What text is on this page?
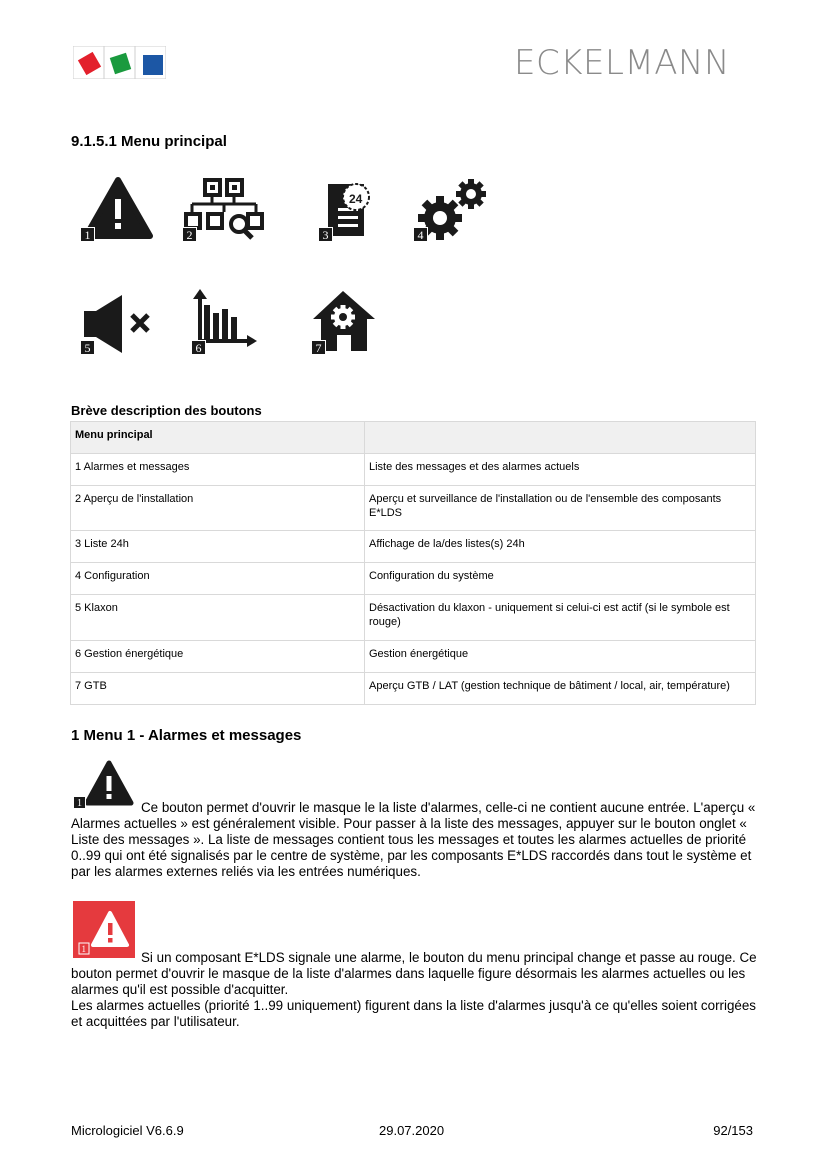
ECKELMANN
9.1.5.1 Menu principal
1	2
24
3	4
5	6	7
Brève description des boutons
Menu principal	
1 Alarmes et messages	Liste des messages et des alarmes actuels
2 Aperçu de l'installation	Aperçu et surveillance de l'installation ou de l'ensemble des composants E*LDS
3 Liste 24h	Affichage de la/des listes(s) 24h
4 Configuration	Configuration du système
5 Klaxon	Désactivation du klaxon - uniquement si celui-ci est actif (si le symbole est rouge)
6 Gestion énergétique	Gestion énergétique
7 GTB	Aperçu GTB / LAT (gestion technique de bâtiment / local, air, température)
1 Menu 1 - Alarmes et messages
1	Ce bouton permet d'ouvrir le masque le la liste d'alarmes, celle-ci ne contient aucune entrée. L'aperçu « Alarmes actuelles » est généralement visible. Pour passer à la liste des messages, appuyer sur le bouton onglet « Liste des messages ». La liste de messages contient tous les messages et toutes les alarmes actuelles de priorité 0..99 qui ont été signalisés par le centre de système, par les composants E*LDS raccordés dans tout le système et par les alarmes externes reliés via les entrées numériques.
1
Si un composant E*LDS signale une alarme, le bouton du menu principal change et passe au rouge. Ce bouton permet d'ouvrir le masque de la liste d'alarmes dans laquelle figure désormais les alarmes actuelles ou les alarmes qu'il est possible d'acquitter.
Les alarmes actuelles (priorité 1..99 uniquement) figurent dans la liste d'alarmes jusqu'à ce qu'elles soient corrigées et acquittées par l'utilisateur.
Micrologiciel V6.6.9	29.07.2020	92/153
